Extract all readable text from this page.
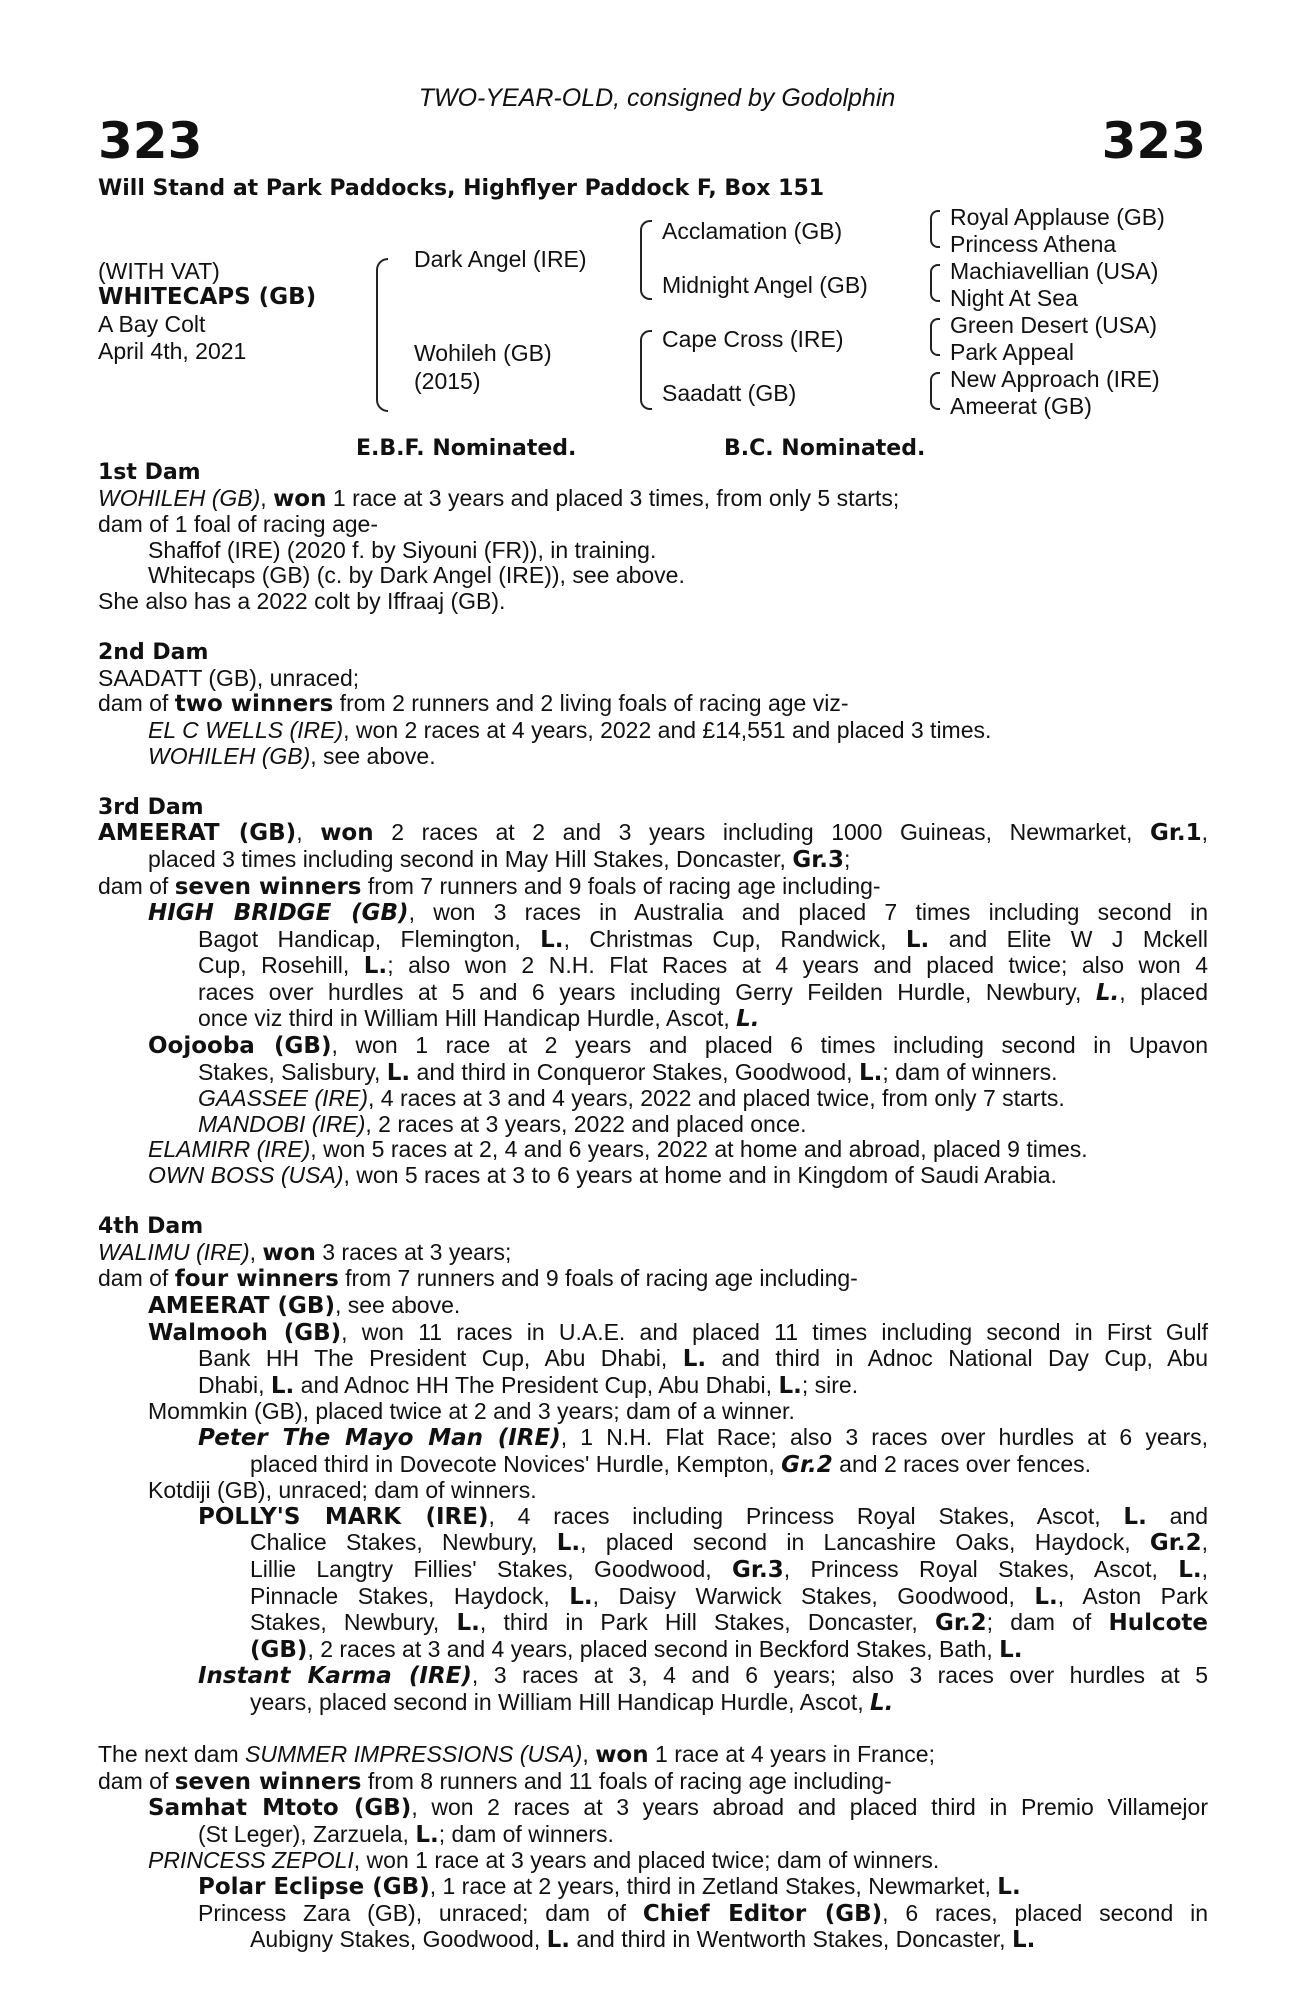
TWO-YEAR-OLD, consigned by Godolphin
323	323
Will Stand at Park Paddocks, Highflyer Paddock F, Box 151
(WITH VAT)
WHITECAPS (GB)
A Bay Colt
April 4th, 2021
Dark Angel (IRE)
Wohileh (GB)
(2015)
Acclamation (GB)
Midnight Angel (GB)
Cape Cross (IRE)
Saadatt (GB)
Royal Applause (GB)
Princess Athena
Machiavellian (USA)
Night At Sea
Green Desert (USA)
Park Appeal
New Approach (IRE)
Ameerat (GB)
E.B.F. Nominated.	B.C. Nominated.
1st Dam
WOHILEH (GB), won 1 race at 3 years and placed 3 times, from only 5 starts;
dam of 1 foal of racing age-
Shaffof (IRE) (2020 f. by Siyouni (FR)), in training.
Whitecaps (GB) (c. by Dark Angel (IRE)), see above.
She also has a 2022 colt by Iffraaj (GB).
2nd Dam
SAADATT (GB), unraced;
dam of two winners from 2 runners and 2 living foals of racing age viz-
EL C WELLS (IRE), won 2 races at 4 years, 2022 and £14,551 and placed 3 times.
WOHILEH (GB), see above.
3rd Dam
AMEERAT (GB), won 2 races at 2 and 3 years including 1000 Guineas, Newmarket, Gr.1,
placed 3 times including second in May Hill Stakes, Doncaster, Gr.3;
dam of seven winners from 7 runners and 9 foals of racing age including-
HIGH BRIDGE (GB), won 3 races in Australia and placed 7 times including second in
Bagot Handicap, Flemington, L., Christmas Cup, Randwick, L. and Elite W J Mckell
Cup, Rosehill, L.; also won 2 N.H. Flat Races at 4 years and placed twice; also won 4
races over hurdles at 5 and 6 years including Gerry Feilden Hurdle, Newbury, L., placed
once viz third in William Hill Handicap Hurdle, Ascot, L.
Oojooba (GB), won 1 race at 2 years and placed 6 times including second in Upavon
Stakes, Salisbury, L. and third in Conqueror Stakes, Goodwood, L.; dam of winners.
GAASSEE (IRE), 4 races at 3 and 4 years, 2022 and placed twice, from only 7 starts.
MANDOBI (IRE), 2 races at 3 years, 2022 and placed once.
ELAMIRR (IRE), won 5 races at 2, 4 and 6 years, 2022 at home and abroad, placed 9 times.
OWN BOSS (USA), won 5 races at 3 to 6 years at home and in Kingdom of Saudi Arabia.
4th Dam
WALIMU (IRE), won 3 races at 3 years;
dam of four winners from 7 runners and 9 foals of racing age including-
AMEERAT (GB), see above.
Walmooh (GB), won 11 races in U.A.E. and placed 11 times including second in First Gulf
Bank HH The President Cup, Abu Dhabi, L. and third in Adnoc National Day Cup, Abu
Dhabi, L. and Adnoc HH The President Cup, Abu Dhabi, L.; sire.
Mommkin (GB), placed twice at 2 and 3 years; dam of a winner.
Peter The Mayo Man (IRE), 1 N.H. Flat Race; also 3 races over hurdles at 6 years,
placed third in Dovecote Novices' Hurdle, Kempton, Gr.2 and 2 races over fences.
Kotdiji (GB), unraced; dam of winners.
POLLY'S MARK (IRE), 4 races including Princess Royal Stakes, Ascot, L. and
Chalice Stakes, Newbury, L., placed second in Lancashire Oaks, Haydock, Gr.2,
Lillie Langtry Fillies' Stakes, Goodwood, Gr.3, Princess Royal Stakes, Ascot, L.,
Pinnacle Stakes, Haydock, L., Daisy Warwick Stakes, Goodwood, L., Aston Park
Stakes, Newbury, L., third in Park Hill Stakes, Doncaster, Gr.2; dam of Hulcote
(GB), 2 races at 3 and 4 years, placed second in Beckford Stakes, Bath, L.
Instant Karma (IRE), 3 races at 3, 4 and 6 years; also 3 races over hurdles at 5
years, placed second in William Hill Handicap Hurdle, Ascot, L.
The next dam SUMMER IMPRESSIONS (USA), won 1 race at 4 years in France;
dam of seven winners from 8 runners and 11 foals of racing age including-
Samhat Mtoto (GB), won 2 races at 3 years abroad and placed third in Premio Villamejor
(St Leger), Zarzuela, L.; dam of winners.
PRINCESS ZEPOLI, won 1 race at 3 years and placed twice; dam of winners.
Polar Eclipse (GB), 1 race at 2 years, third in Zetland Stakes, Newmarket, L.
Princess Zara (GB), unraced; dam of Chief Editor (GB), 6 races, placed second in
Aubigny Stakes, Goodwood, L. and third in Wentworth Stakes, Doncaster, L.
